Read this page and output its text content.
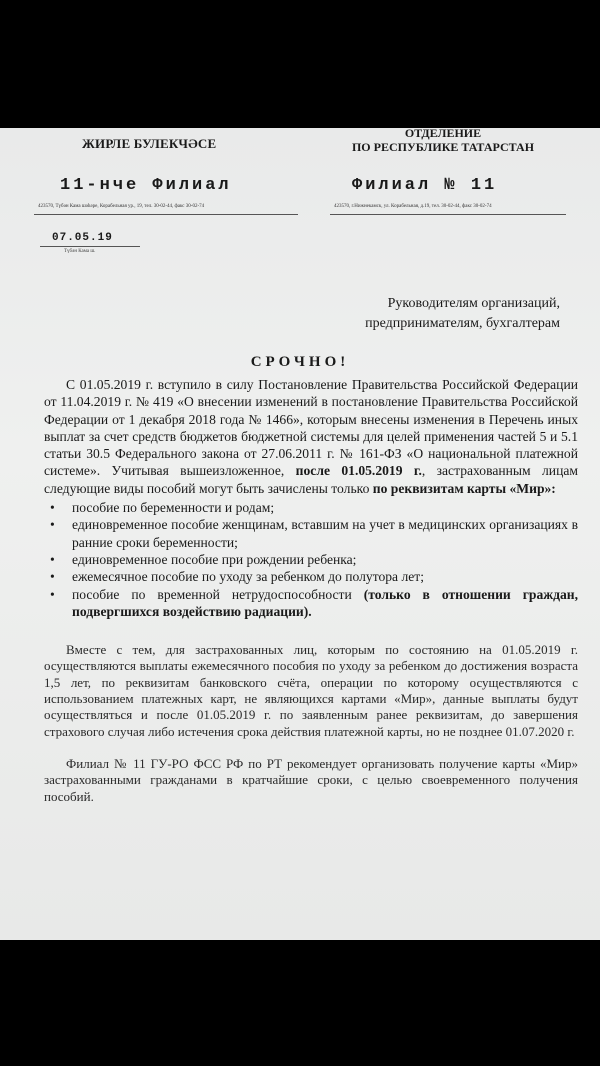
ЖИРЛЕ БУЛЕКЧӘСЕ
ОТДЕЛЕНИЕ
ПО РЕСПУБЛИКЕ ТАТАРСТАН
11-нче Филиал	Филиал № 11
423570, Түбән Кама шәһәре, Корабельная ур., 19, тел. 30-02-44, факс 30-02-74	423570, г.Нижнекамск, ул. Корабельная, д.19, тел. 30-02-44, факс 30-02-74
07.05.19
Түбән Кама ш.
Руководителям организаций,
предпринимателям, бухгалтерам
СРОЧНО!

С 01.05.2019 г. вступило в силу Постановление Правительства Российской Федерации от 11.04.2019 г. № 419 «О внесении изменений в постановление Правительства Российской Федерации от 1 декабря 2018 года № 1466», которым внесены изменения в Перечень иных выплат за счет средств бюджетов бюджетной системы для целей применения частей 5 и 5.1 статьи 30.5 Федерального закона от 27.06.2011 г. № 161-ФЗ «О национальной платежной системе». Учитывая вышеизложенное, после 01.05.2019 г., застрахованным лицам следующие виды пособий могут быть зачислены только по реквизитам карты «Мир»:

• пособие по беременности и родам;
• единовременное пособие женщинам, вставшим на учет в медицинских организациях в ранние сроки беременности;
• единовременное пособие при рождении ребенка;
• ежемесячное пособие по уходу за ребенком до полутора лет;
• пособие по временной нетрудоспособности (только в отношении граждан, подвергшихся воздействию радиации).

Вместе с тем, для застрахованных лиц, которым по состоянию на 01.05.2019 г. осуществляются выплаты ежемесячного пособия по уходу за ребенком до достижения возраста 1,5 лет, по реквизитам банковского счёта, операции по которому осуществляются с использованием платежных карт, не являющихся картами «Мир», данные выплаты будут осуществляться и после 01.05.2019 г. по заявленным ранее реквизитам, до завершения страхового случая либо истечения срока действия платежной карты, но не позднее 01.07.2020 г.

Филиал № 11 ГУ-РО ФСС РФ по РТ рекомендует организовать получение карты «Мир» застрахованными гражданами в кратчайшие сроки, с целью своевременного получения пособий.
